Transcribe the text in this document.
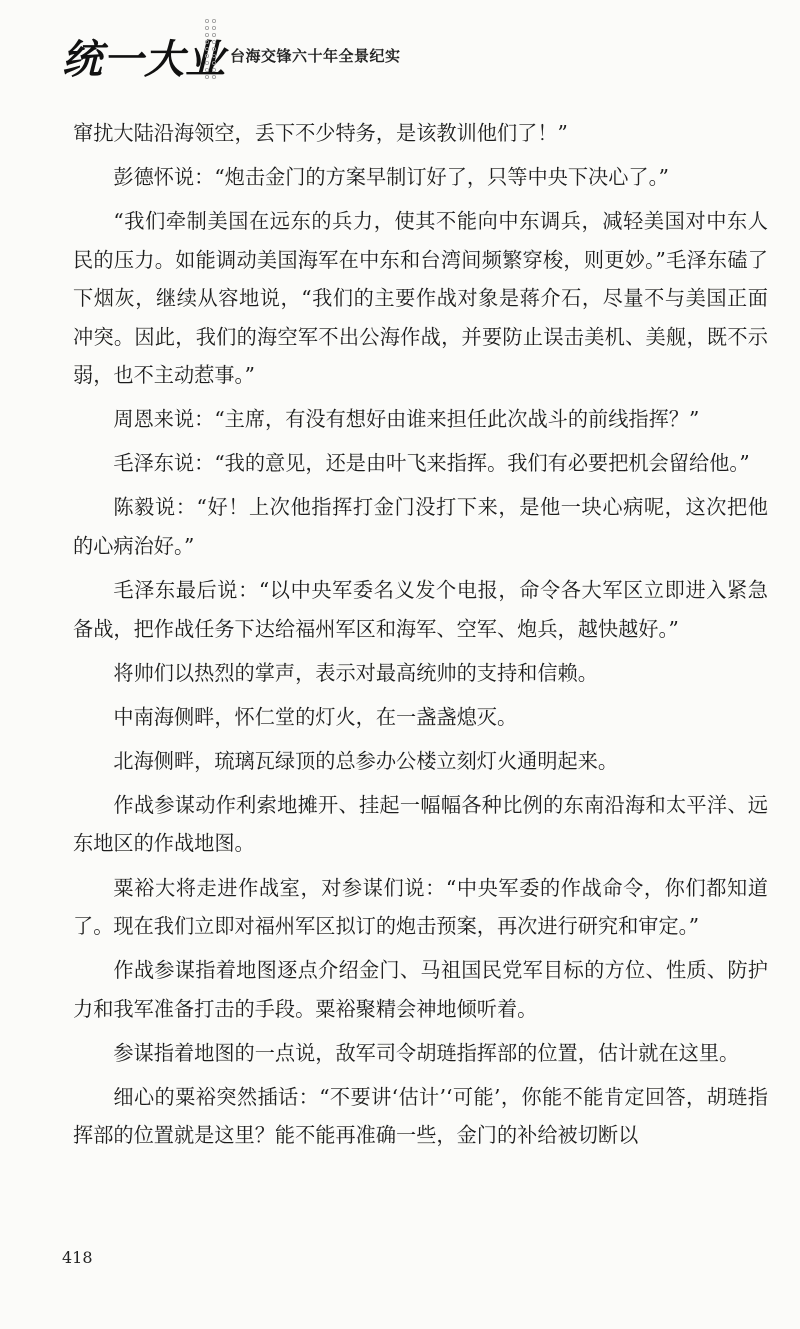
统一大业 台海交锋六十年全景纪实

窜扰大陆沿海领空，丢下不少特务，是该教训他们了！”

彭德怀说：“炮击金门的方案早制订好了，只等中央下决心了。”

“我们牵制美国在远东的兵力，使其不能向中东调兵，减轻美国对中东人民的压力。如能调动美国海军在中东和台湾间频繁穿梭，则更妙。”毛泽东磕了下烟灰，继续从容地说，“我们的主要作战对象是蒋介石，尽量不与美国正面冲突。因此，我们的海空军不出公海作战，并要防止误击美机、美舰，既不示弱，也不主动惹事。”

周恩来说：“主席，有没有想好由谁来担任此次战斗的前线指挥？”

毛泽东说：“我的意见，还是由叶飞来指挥。我们有必要把机会留给他。”

陈毅说：“好！上次他指挥打金门没打下来，是他一块心病呢，这次把他的心病治好。”

毛泽东最后说：“以中央军委名义发个电报，命令各大军区立即进入紧急备战，把作战任务下达给福州军区和海军、空军、炮兵，越快越好。”

将帅们以热烈的掌声，表示对最高统帅的支持和信赖。

中南海侧畔，怀仁堂的灯火，在一盏盏熄灭。

北海侧畔，琉璃瓦绿顶的总参办公楼立刻灯火通明起来。

作战参谋动作利索地摊开、挂起一幅幅各种比例的东南沿海和太平洋、远东地区的作战地图。

粟裕大将走进作战室，对参谋们说：“中央军委的作战命令，你们都知道了。现在我们立即对福州军区拟订的炮击预案，再次进行研究和审定。”

作战参谋指着地图逐点介绍金门、马祖国民党军目标的方位、性质、防护力和我军准备打击的手段。粟裕聚精会神地倾听着。

参谋指着地图的一点说，敌军司令胡琏指挥部的位置，估计就在这里。

细心的粟裕突然插话：“不要讲‘估计’‘可能’，你能不能肯定回答，胡琏指挥部的位置就是这里？能不能再准确一些，金门的补给被切断以

418
